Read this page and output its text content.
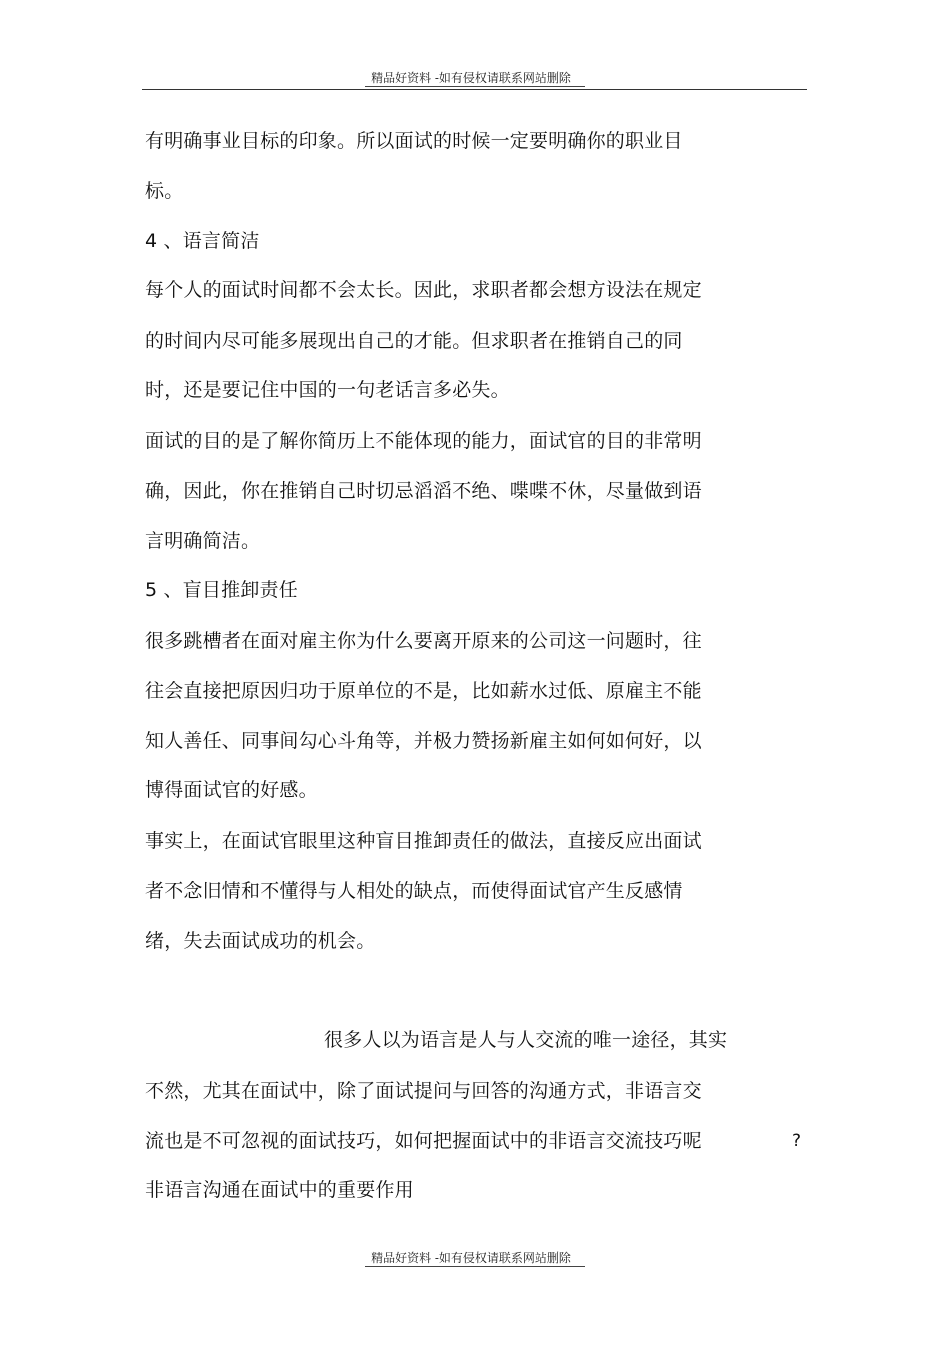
精品好资料 -如有侵权请联系网站删除
有明确事业目标的印象。所以面试的时候一定要明确你的职业目
标。
4 、语言简洁
每个人的面试时间都不会太长。因此，求职者都会想方设法在规定
的时间内尽可能多展现出自己的才能。但求职者在推销自己的同
时，还是要记住中国的一句老话言多必失。
面试的目的是了解你简历上不能体现的能力，面试官的目的非常明
确，因此，你在推销自己时切忌滔滔不绝、喋喋不休，尽量做到语
言明确简洁。
5 、盲目推卸责任
很多跳槽者在面对雇主你为什么要离开原来的公司这一问题时，往
往会直接把原因归功于原单位的不是，比如薪水过低、原雇主不能
知人善任、同事间勾心斗角等，并极力赞扬新雇主如何如何好，以
博得面试官的好感。
事实上，在面试官眼里这种盲目推卸责任的做法，直接反应出面试
者不念旧情和不懂得与人相处的缺点，而使得面试官产生反感情
绪，失去面试成功的机会。
很多人以为语言是人与人交流的唯一途径，其实
不然，尤其在面试中，除了面试提问与回答的沟通方式，非语言交
流也是不可忽视的面试技巧，如何把握面试中的非语言交流技巧呢	?
非语言沟通在面试中的重要作用
精品好资料 -如有侵权请联系网站删除
